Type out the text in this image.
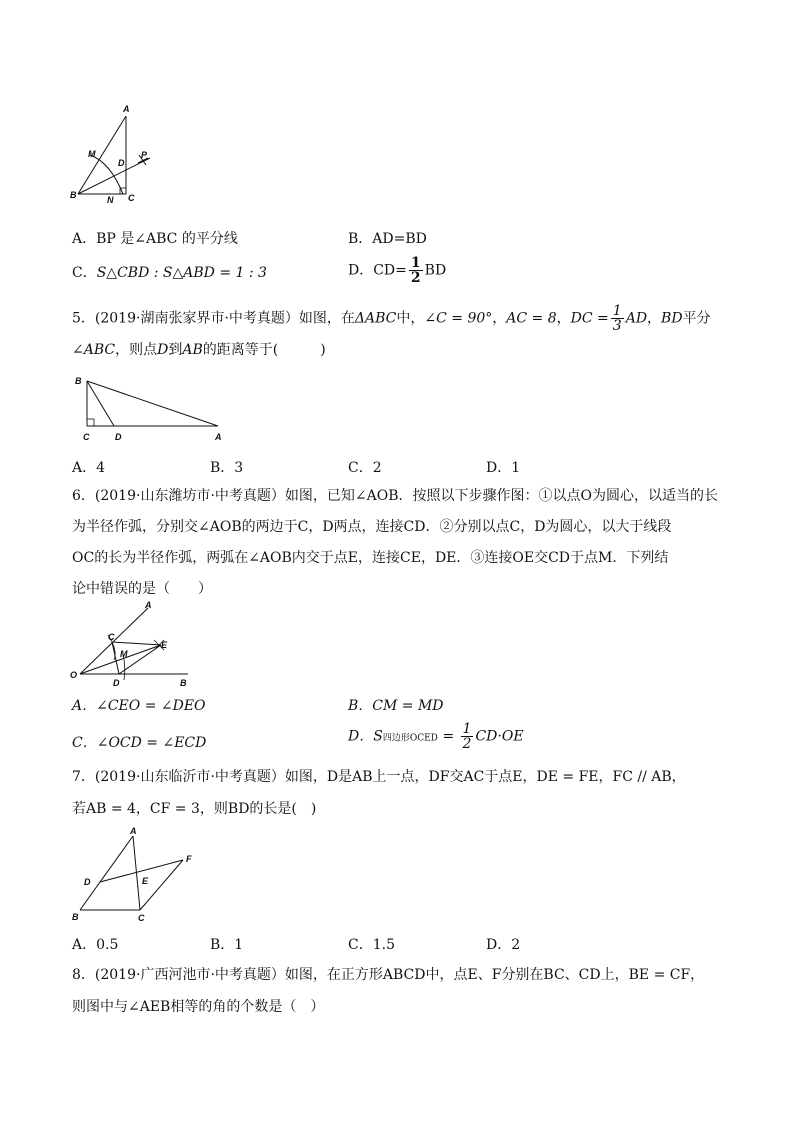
A
M
D
P
B	N C
A．BP 是∠ABC 的平分线	B．AD=BD
C．S△CBD : S△ABD = 1 : 3	D．$CD= \frac{1}{2}$ BD
5．(2019·湖南张家界市·中考真题）如图，在ΔABC中，∠C = 90°，AC = 8，DC = $\frac{1}{3}$ AD，BD平分
∠ABC，则点D到AB的距离等于(　　　)
B
C	D	A
A．4	B．3	C．2	D．1
6．(2019·山东潍坊市·中考真题）如图，已知∠AOB．按照以下步骤作图：①以点O为圆心，以适当的长
为半径作弧，分别交∠AOB的两边于C，D两点，连接CD．②分别以点C，D为圆心，以大于线段
OC的长为半径作弧，两弧在∠AOB内交于点E，连接CE，DE．③连接OE交CD于点M．下列结
论中错误的是（　　）
A
C
E
M
O
D	B
A．∠CEO = ∠DEO	B．CM = MD
C．∠OCD = ∠ECD	D．S四边形OCED = $\frac{1}{2} CD\cdot OE$
7．(2019·山东临沂市·中考真题）如图，D是AB上一点，DF交AC于点E，DE = FE，FC // AB，
若AB = 4，CF = 3，则BD的长是(　)
A
F
D	E
B	C
A．0.5	B．1	C．1.5	D．2
8．(2019·广西河池市·中考真题）如图，在正方形ABCD中，点E、F分别在BC、CD上，BE = CF，
则图中与∠AEB相等的角的个数是（　）
